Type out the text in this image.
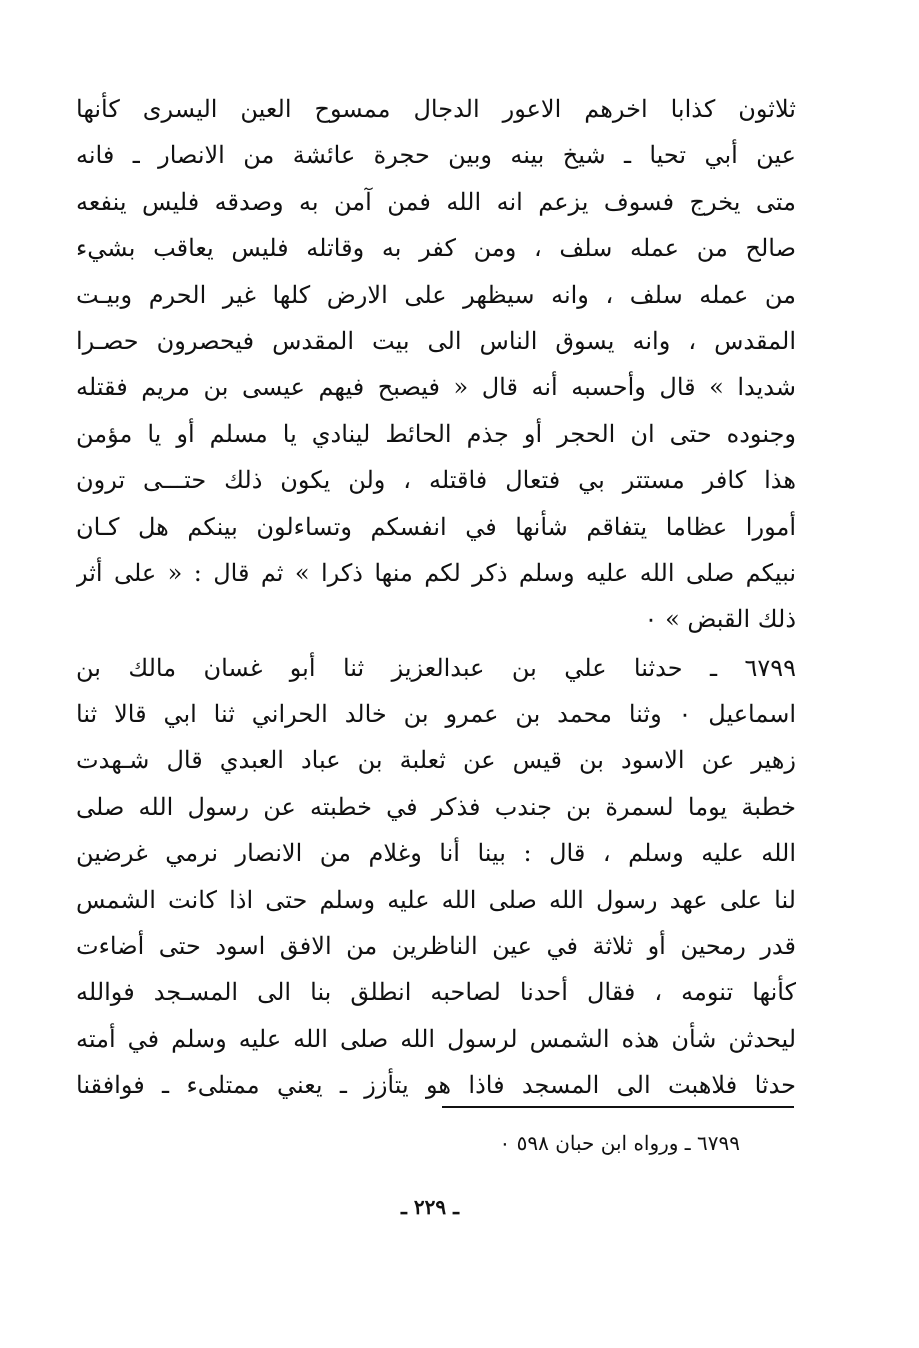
ثلاثون كذابا اخرهم الاعور الدجال ممسوح العين اليسرى كأنها
عين أبي تحيا ـ شيخ بينه وبين حجرة عائشة من الانصار ـ فانه
متى يخرج فسوف يزعم انه الله فمن آمن به وصدقه فليس ينفعه
صالح من عمله سلف ، ومن كفر به وقاتله فليس يعاقب بشيء
من عمله سلف ، وانه سيظهر على الارض كلها غير الحرم وبيـت
المقدس ، وانه يسوق الناس الى بيت المقدس فيحصرون حصـرا
شديدا » قال وأحسبه أنه قال « فيصبح فيهم عيسى بن مريم فقتله
وجنوده حتى ان الحجر أو جذم الحائط لينادي يا مسلم أو يا مؤمن
هذا كافر مستتر بي فتعال فاقتله ، ولن يكون ذلك حتـــى ترون
أمورا عظاما يتفاقم شأنها في انفسكم وتساءلون بينكم هل كـان
نبيكم صلى الله عليه وسلم ذكر لكم منها ذكرا » ثم قال : « على أثر
ذلك القبض » ٠
٦٧٩٩ ـ حدثنا علي بن عبدالعزيز ثنا أبو غسان مالك بن
اسماعيل ٠ وثنا محمد بن عمرو بن خالد الحراني ثنا ابي قالا ثنا
زهير عن الاسود بن قيس عن ثعلبة بن عباد العبدي قال شـهدت
خطبة يوما لسمرة بن جندب فذكر في خطبته عن رسول الله صلى
الله عليه وسلم ، قال : بينا أنا وغلام من الانصار نرمي غرضين
لنا على عهد رسول الله صلى الله عليه وسلم حتى اذا كانت الشمس
قدر رمحين أو ثلاثة في عين الناظرين من الافق اسود حتى أضاءت
كأنها تنومه ، فقال أحدنا لصاحبه انطلق بنا الى المسـجد فوالله
ليحدثن شأن هذه الشمس لرسول الله صلى الله عليه وسلم في أمته
حدثا فلاهبت الى المسجد فاذا هو يتأزز ـ يعني ممتلىء ـ فوافقنا
٦٧٩٩ ـ ورواه ابن حبان ٥٩٨ ٠
ـ ٢٢٩ ـ
